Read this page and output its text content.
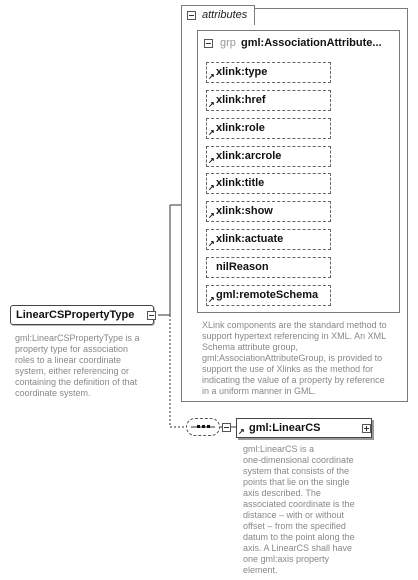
attributes
grp gml:AssociationAttribute...
xlink:type
↗
xlink:href
↗
xlink:role
↗
xlink:arcrole
↗
xlink:title
↗
xlink:show
↗
xlink:actuate
↗
nilReason
gml:remoteSchema
↗
XLink components are the standard method to
support hypertext referencing in XML. An XML
Schema attribute group,
gml:AssociationAttributeGroup, is provided to
support the use of Xlinks as the method for
indicating the value of a property by reference
in a uniform manner in GML.
LinearCSPropertyType
gml:LinearCSPropertyType is a
property type for association
roles to a linear coordinate
system, either referencing or
containing the definition of that
coordinate system.
gml:LinearCS
↗
gml:LinearCS is a
one-dimensional coordinate
system that consists of the
points that lie on the single
axis described. The
associated coordinate is the
distance – with or without
offset – from the specified
datum to the point along the
axis. A LinearCS shall have
one gml:axis property
element.
